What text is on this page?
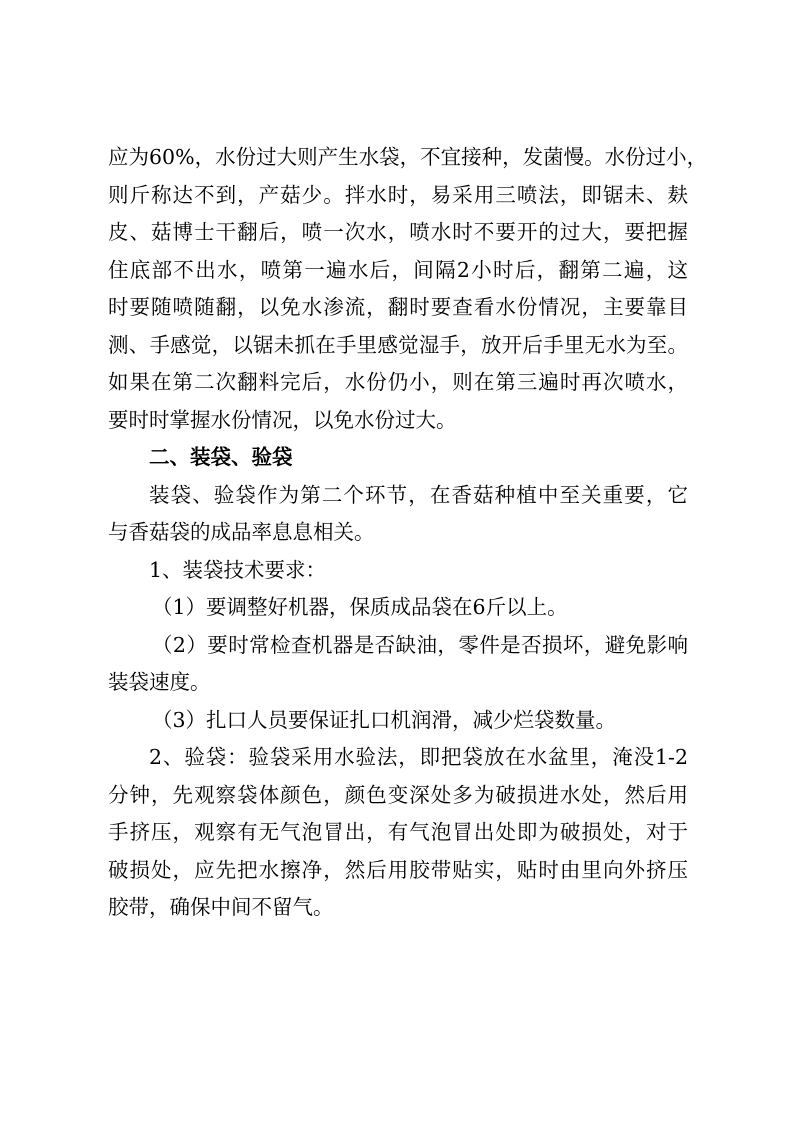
应为60%，水份过大则产生水袋，不宜接种，发菌慢。水份过小，
则斤称达不到，产菇少。拌水时，易采用三喷法，即锯未、麸
皮、菇博士干翻后，喷一次水，喷水时不要开的过大，要把握
住底部不出水，喷第一遍水后，间隔2小时后，翻第二遍，这
时要随喷随翻，以免水渗流，翻时要查看水份情况，主要靠目
测、手感觉，以锯未抓在手里感觉湿手，放开后手里无水为至。
如果在第二次翻料完后，水份仍小，则在第三遍时再次喷水，
要时时掌握水份情况，以免水份过大。
二、装袋、验袋
装袋、验袋作为第二个环节，在香菇种植中至关重要，它
与香菇袋的成品率息息相关。
1、装袋技术要求：
（1）要调整好机器，保质成品袋在6斤以上。
（2）要时常检查机器是否缺油，零件是否损坏，避免影响
装袋速度。
（3）扎口人员要保证扎口机润滑，减少烂袋数量。
2、验袋：验袋采用水验法，即把袋放在水盆里，淹没1-2
分钟，先观察袋体颜色，颜色变深处多为破损进水处，然后用
手挤压，观察有无气泡冒出，有气泡冒出处即为破损处，对于
破损处，应先把水擦净，然后用胶带贴实，贴时由里向外挤压
胶带，确保中间不留气。
